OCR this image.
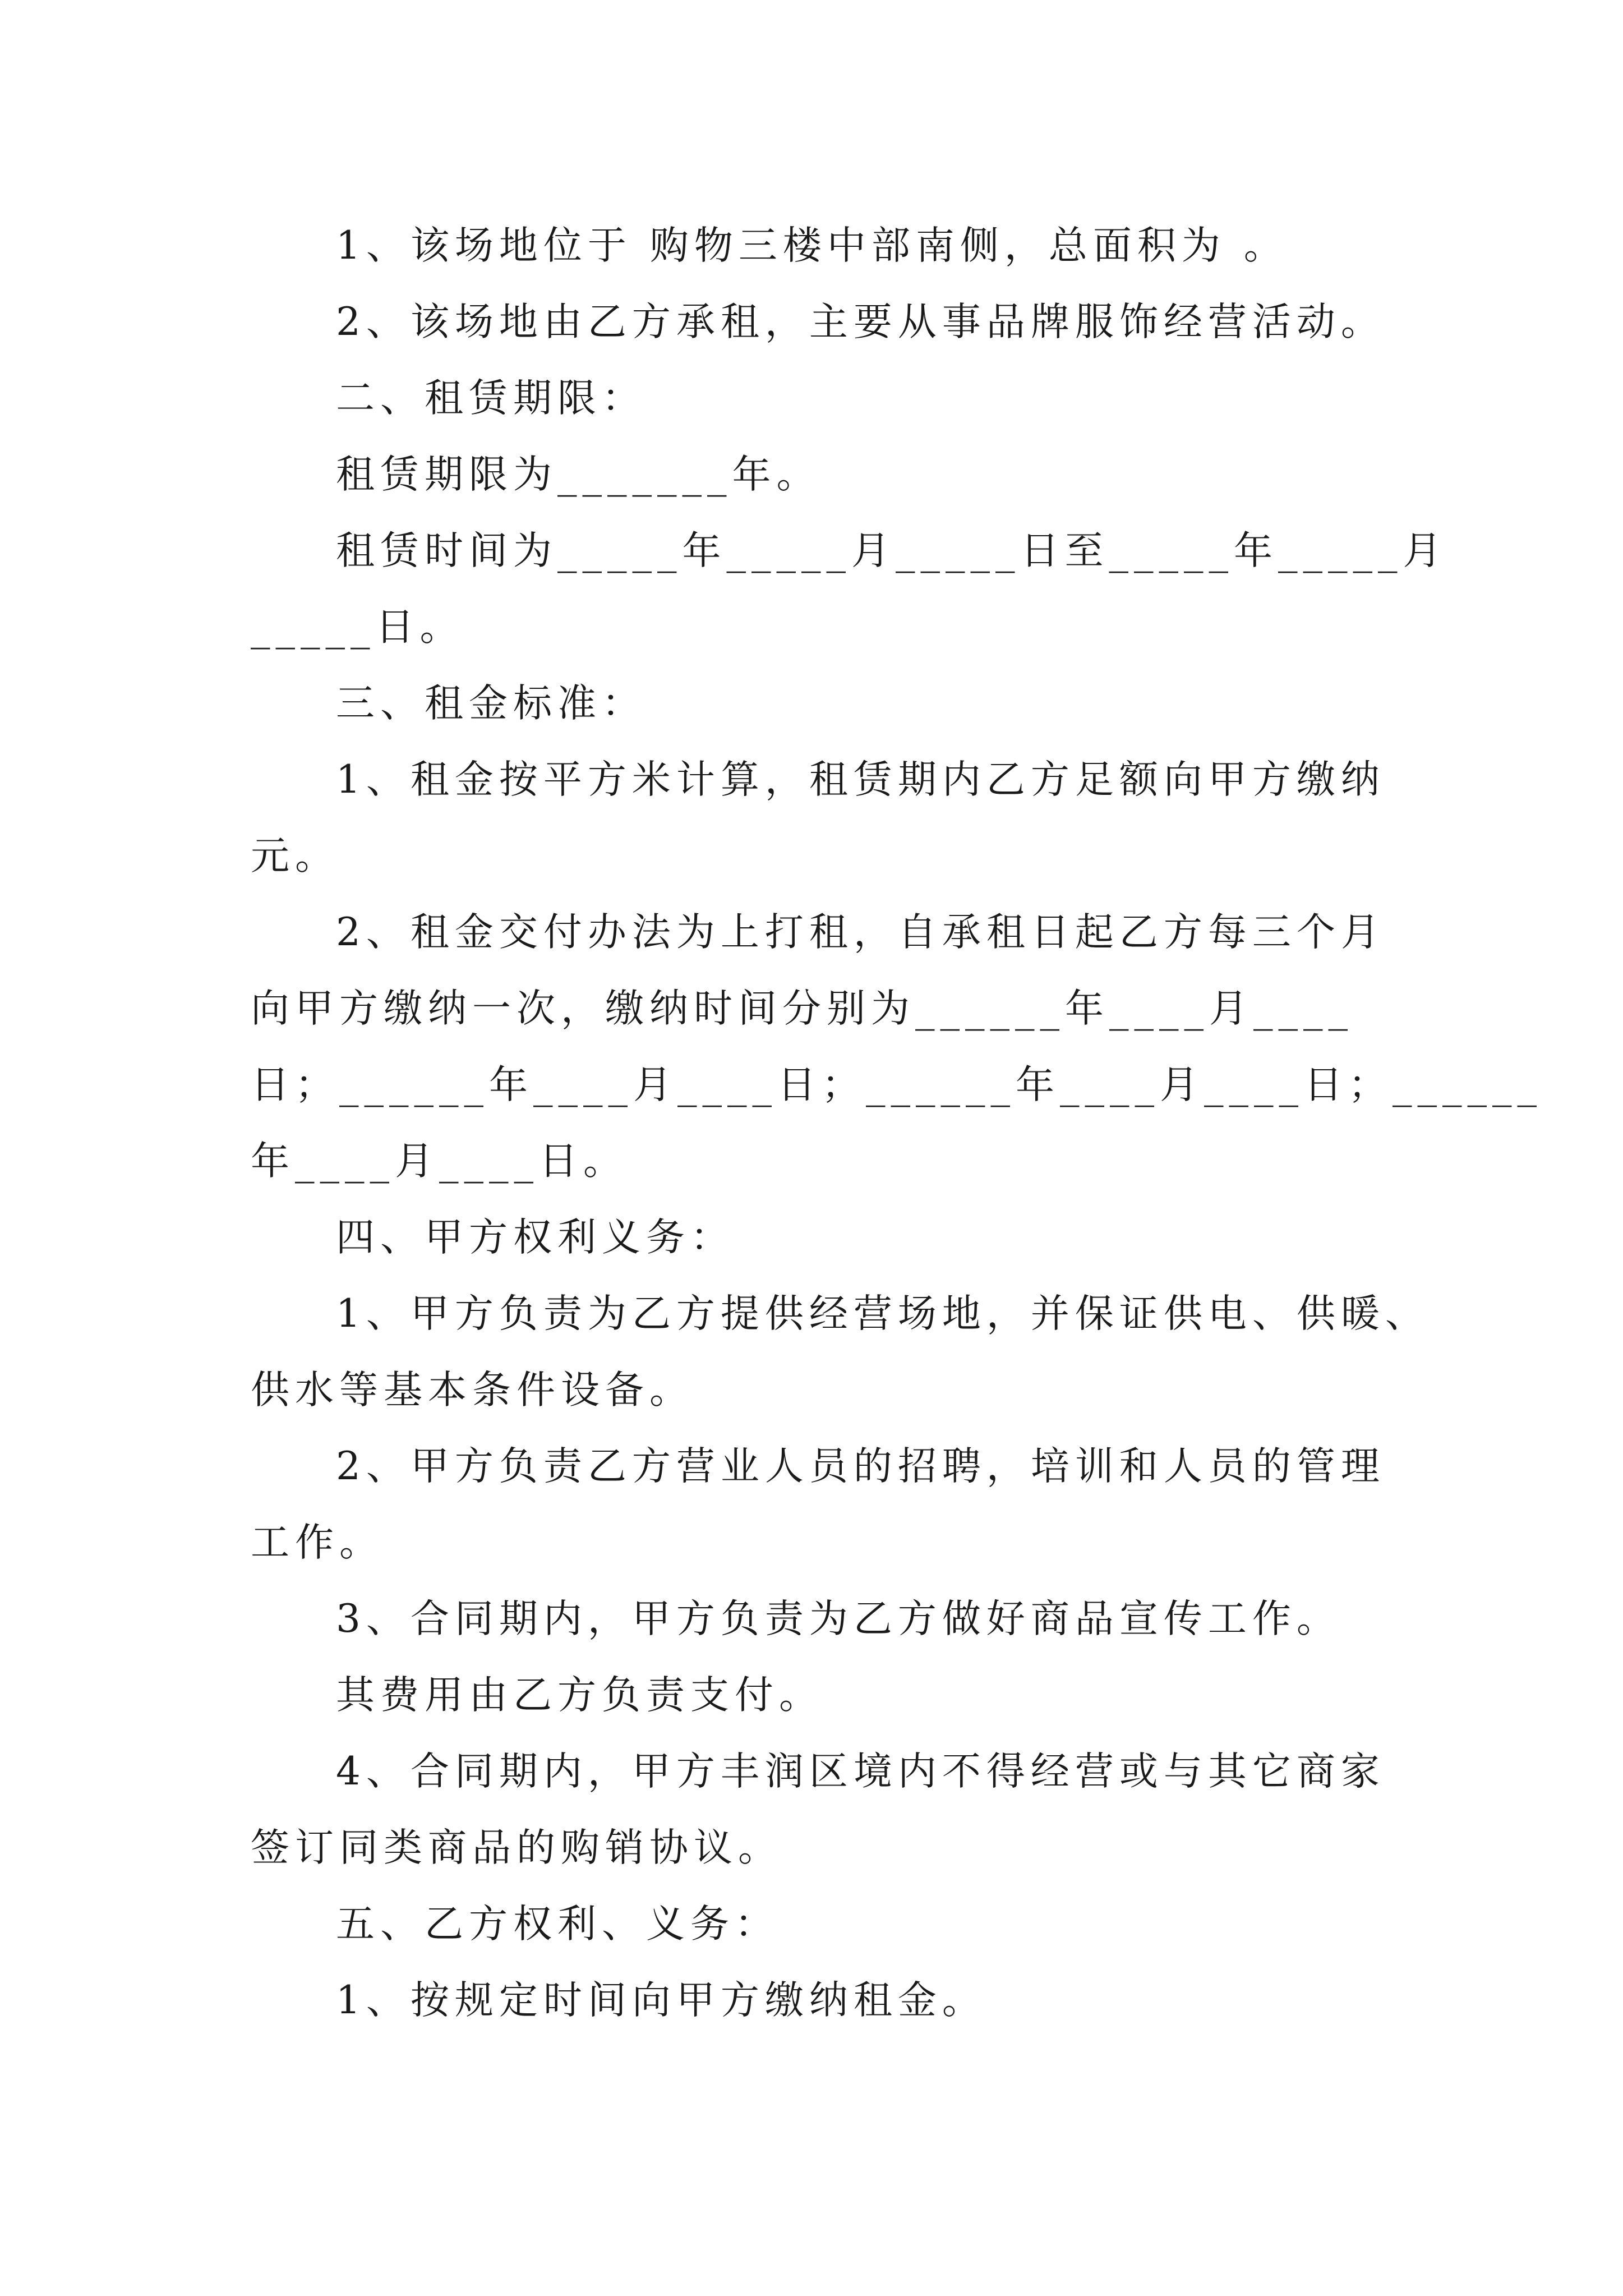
1、该场地位于 购物三楼中部南侧，总面积为 。
2、该场地由乙方承租，主要从事品牌服饰经营活动。
二、租赁期限：
租赁期限为_______年。
租赁时间为_____年_____月_____日至_____年_____月
_____日。
三、租金标准：
1、租金按平方米计算，租赁期内乙方足额向甲方缴纳
元。
2、租金交付办法为上打租，自承租日起乙方每三个月
向甲方缴纳一次，缴纳时间分别为______年____月____
日；______年____月____日；______年____月____日；______
年____月____日。
四、甲方权利义务：
1、甲方负责为乙方提供经营场地，并保证供电、供暖、
供水等基本条件设备。
2、甲方负责乙方营业人员的招聘，培训和人员的管理
工作。
3、合同期内，甲方负责为乙方做好商品宣传工作。
其费用由乙方负责支付。
4、合同期内，甲方丰润区境内不得经营或与其它商家
签订同类商品的购销协议。
五、乙方权利、义务：
1、按规定时间向甲方缴纳租金。
